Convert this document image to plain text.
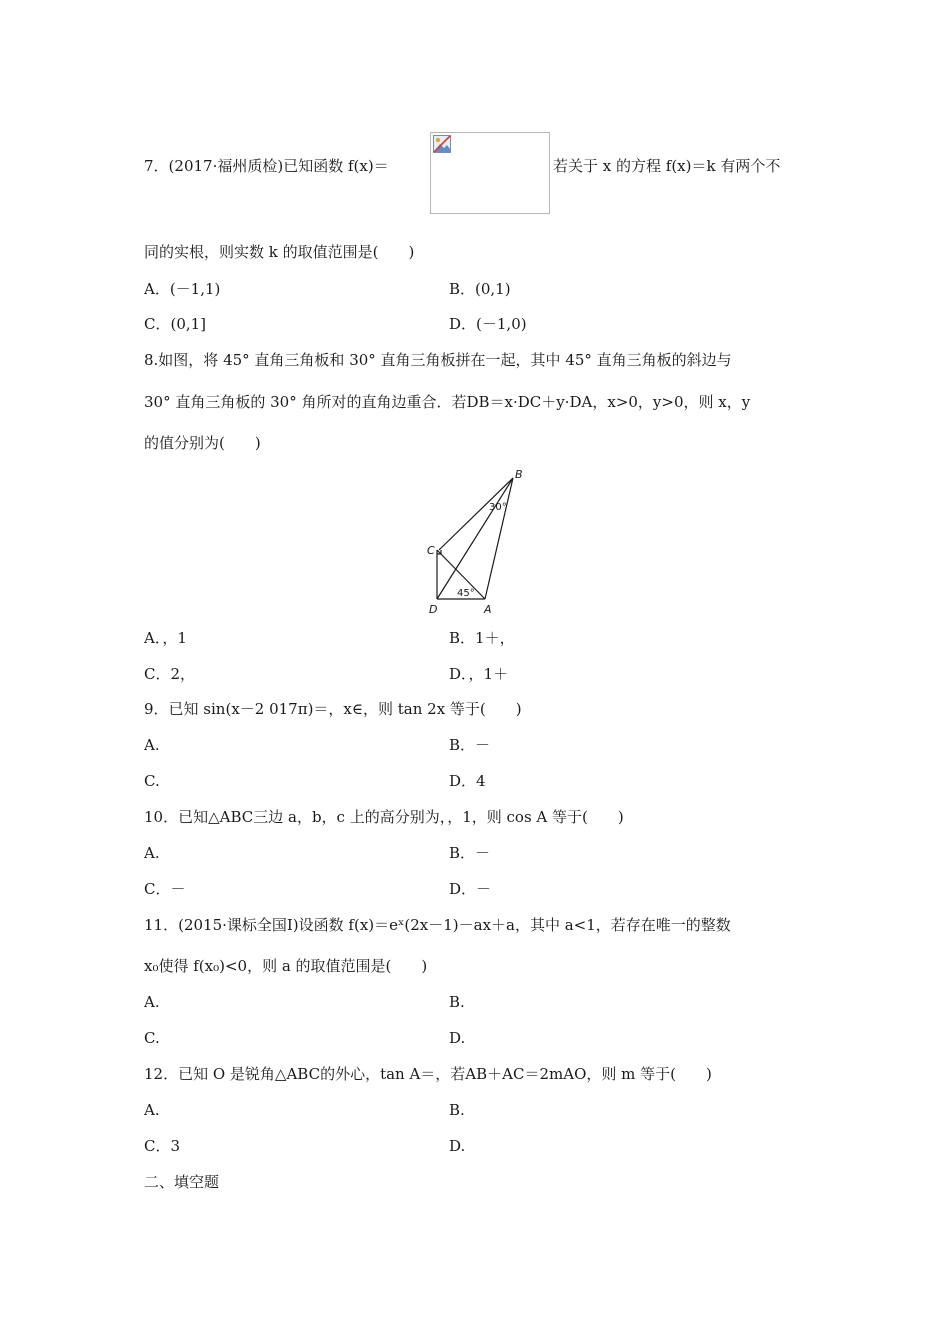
7．(2017·福州质检)已知函数 f(x)＝	若关于 x 的方程 f(x)＝k 有两个不
同的实根，则实数 k 的取值范围是(　　)
A．(－1,1)	B．(0,1)
C．(0,1]	D．(－1,0)
8.如图，将 45° 直角三角板和 30° 直角三角板拼在一起，其中 45° 直角三角板的斜边与
30° 直角三角板的 30° 角所对的直角边重合．若DB＝x·DC＋y·DA，x>0，y>0，则 x，y
的值分别为(　　)
B
C
D	A
30°
45°
A．，1	B．1＋，
C．2，	D．，1＋
9．已知 sin(x－2 017π)＝，x∈，则 tan 2x 等于(　　)
A.	B．－
C.	D．4
10．已知△ABC三边 a，b，c 上的高分别为，，1，则 cos A 等于(　　)
A.	B．－
C．－	D．－
11．(2015·课标全国Ⅰ)设函数 f(x)＝eˣ(2x－1)－ax＋a，其中 a<1，若存在唯一的整数
x₀使得 f(x₀)<0，则 a 的取值范围是(　　)
A.	B.
C.	D.
12．已知 O 是锐角△ABC的外心，tan A＝，若AB＋AC＝2mAO，则 m 等于(　　)
A.	B.
C．3	D.
二、填空题
